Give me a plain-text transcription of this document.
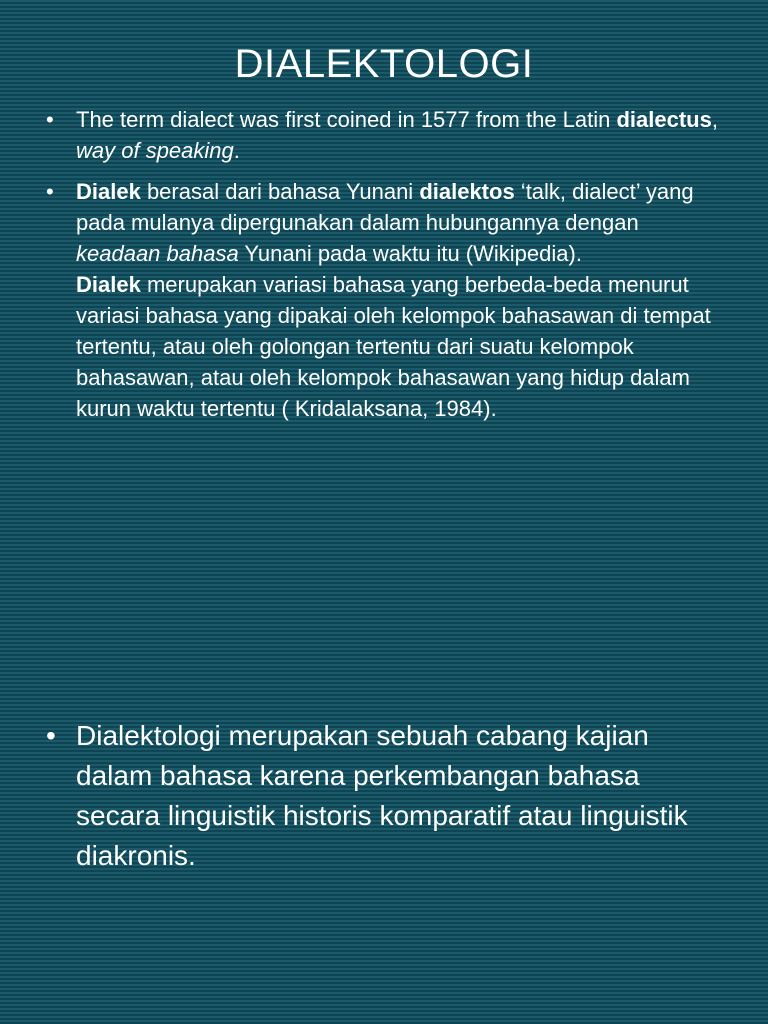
DIALEKTOLOGI
• The term dialect was first coined in 1577 from the Latin dialectus, way of speaking.
• Dialek berasal dari bahasa Yunani dialektos ‘talk, dialect’ yang pada mulanya dipergunakan dalam hubungannya dengan keadaan bahasa Yunani pada waktu itu (Wikipedia).
Dialek merupakan variasi bahasa yang berbeda-beda menurut variasi bahasa yang dipakai oleh kelompok bahasawan di tempat tertentu, atau oleh golongan tertentu dari suatu kelompok bahasawan, atau oleh kelompok bahasawan yang hidup dalam kurun waktu tertentu ( Kridalaksana, 1984).
• Dialektologi merupakan sebuah cabang kajian dalam bahasa karena perkembangan bahasa secara linguistik historis komparatif atau linguistik diakronis.
